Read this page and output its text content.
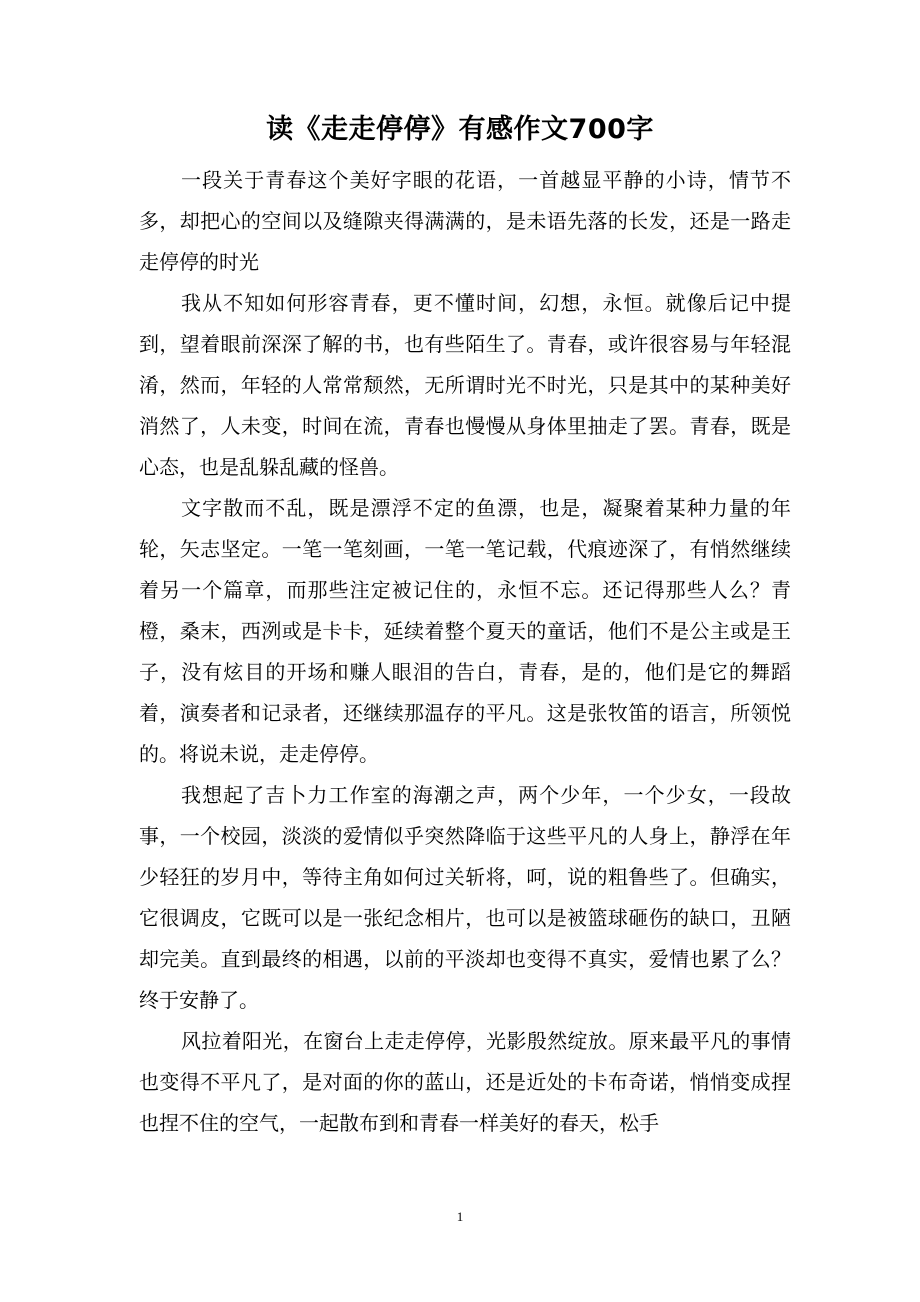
读《走走停停》有感作文700字

一段关于青春这个美好字眼的花语，一首越显平静的小诗，情节不多，却把心的空间以及缝隙夹得满满的，是未语先落的长发，还是一路走走停停的时光

我从不知如何形容青春，更不懂时间，幻想，永恒。就像后记中提到，望着眼前深深了解的书，也有些陌生了。青春，或许很容易与年轻混淆，然而，年轻的人常常颓然，无所谓时光不时光，只是其中的某种美好消然了，人未变，时间在流，青春也慢慢从身体里抽走了罢。青春，既是心态，也是乱躲乱藏的怪兽。

文字散而不乱，既是漂浮不定的鱼漂，也是，凝聚着某种力量的年轮，矢志坚定。一笔一笔刻画，一笔一笔记载，代痕迹深了，有悄然继续着另一个篇章，而那些注定被记住的，永恒不忘。还记得那些人么？青橙，桑末，西洌或是卡卡，延续着整个夏天的童话，他们不是公主或是王子，没有炫目的开场和赚人眼泪的告白，青春，是的，他们是它的舞蹈着，演奏者和记录者，还继续那温存的平凡。这是张牧笛的语言，所领悦的。将说未说，走走停停。

我想起了吉卜力工作室的海潮之声，两个少年，一个少女，一段故事，一个校园，淡淡的爱情似乎突然降临于这些平凡的人身上，静浮在年少轻狂的岁月中，等待主角如何过关斩将，呵，说的粗鲁些了。但确实，它很调皮，它既可以是一张纪念相片，也可以是被篮球砸伤的缺口，丑陋却完美。直到最终的相遇，以前的平淡却也变得不真实，爱情也累了么？终于安静了。

风拉着阳光，在窗台上走走停停，光影殷然绽放。原来最平凡的事情也变得不平凡了，是对面的你的蓝山，还是近处的卡布奇诺，悄悄变成捏也捏不住的空气，一起散布到和青春一样美好的春天，松手

1
